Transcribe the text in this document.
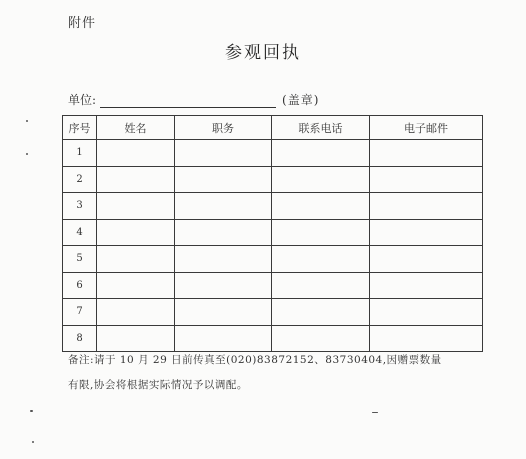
附件
参观回执
单位:	(盖章)
序号	姓名	职务	联系电话	电子邮件
1				
2				
3				
4				
5				
6				
7				
8				
备注:请于 10 月 29 日前传真至(020)83872152、83730404,因赠票数量
有限,协会将根据实际情况予以调配。
